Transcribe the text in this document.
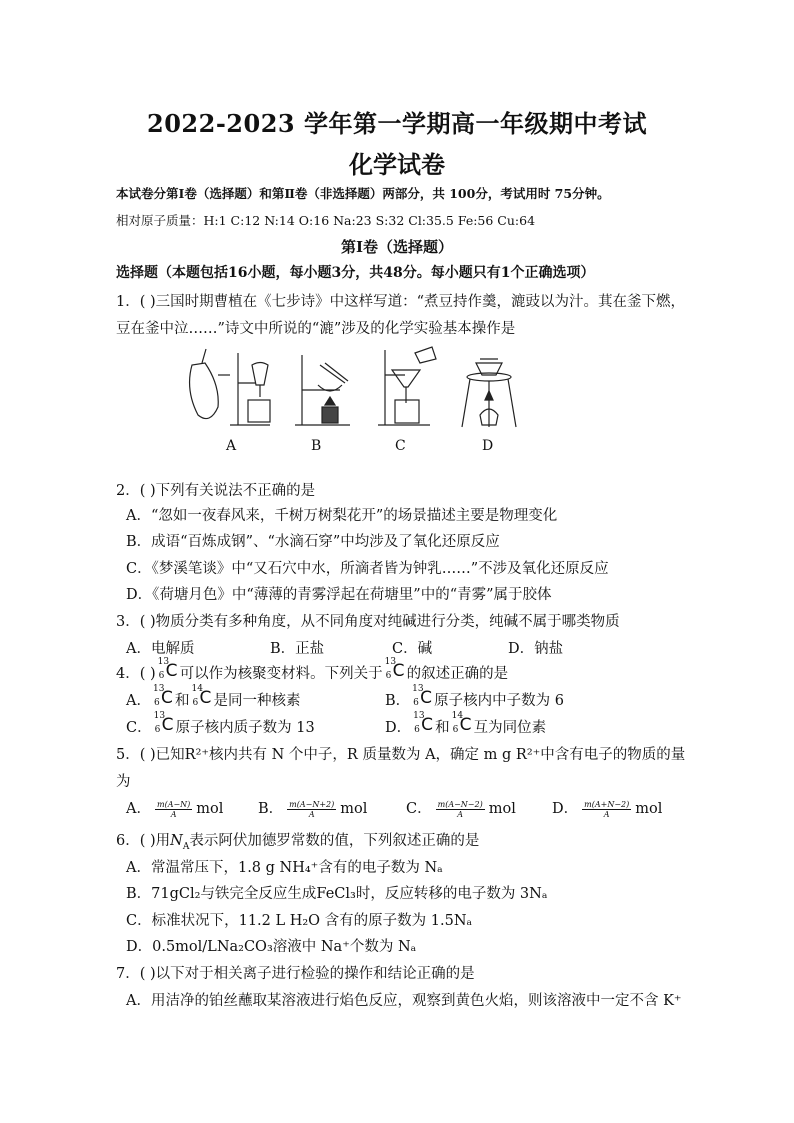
2022-2023 学年第一学期高一年级期中考试
化学试卷
本试卷分第Ⅰ卷（选择题）和第Ⅱ卷（非选择题）两部分，共 100分，考试用时 75分钟。
相对原子质量：H:1 C:12 N:14 O:16 Na:23 S:32 Cl:35.5 Fe:56 Cu:64
第Ⅰ卷（选择题）
选择题（本题包括16小题，每小题3分，共48分。每小题只有1个正确选项）
1．( )三国时期曹植在《七步诗》中这样写道：“煮豆持作羹，漉豉以为汁。萁在釜下燃，
豆在釜中泣……”诗文中所说的“漉”涉及的化学实验基本操作是
A	B	C	D
2．( )下列有关说法不正确的是
A．“忽如一夜春风来，千树万树梨花开”的场景描述主要是物理变化
B．成语“百炼成钢”、“水滴石穿”中均涉及了氧化还原反应
C．《梦溪笔谈》中“又石穴中水，所滴者皆为钟乳……”不涉及氧化还原反应
D．《荷塘月色》中“薄薄的青雾浮起在荷塘里”中的“青雾”属于胶体
3．( )物质分类有多种角度，从不同角度对纯碱进行分类，纯碱不属于哪类物质
A．电解质	B．正盐	C．碱	D．钠盐
4．( )
13
6 C 可以作为核聚变材料。下列关于
13
6 C 的叙述正确的是
A．
13
6 C 和
14
6 C 是同一种核素	B．
13
6 C 原子核内中子数为 6
C．
13
6 C 原子核内质子数为 13	D．
13
6 C 和
14
6 C 互为同位素
5．( )已知R²⁺核内共有 N 个中子，R 质量数为 A，确定 m g R²⁺中含有电子的物质的量
为
A． $\frac{m(A-N)}{A}$ mol B． $\frac{m(A-N+2)}{A}$ mol	C． $\frac{m(A-N-2)}{A}$ mol D． $\frac{m(A+N-2)}{A}$ mol
6．( )用$N_A$表示阿伏加德罗常数的值，下列叙述正确的是
A．常温常压下，1.8 g NH₄⁺含有的电子数为 Nₐ
B．71gCl₂与铁完全反应生成FeCl₃时，反应转移的电子数为 3Nₐ
C．标准状况下，11.2 L H₂O 含有的原子数为 1.5Nₐ
D．0.5mol/LNa₂CO₃溶液中 Na⁺个数为 Nₐ
7．( )以下对于相关离子进行检验的操作和结论正确的是
A．用洁净的铂丝蘸取某溶液进行焰色反应，观察到黄色火焰，则该溶液中一定不含 K⁺
